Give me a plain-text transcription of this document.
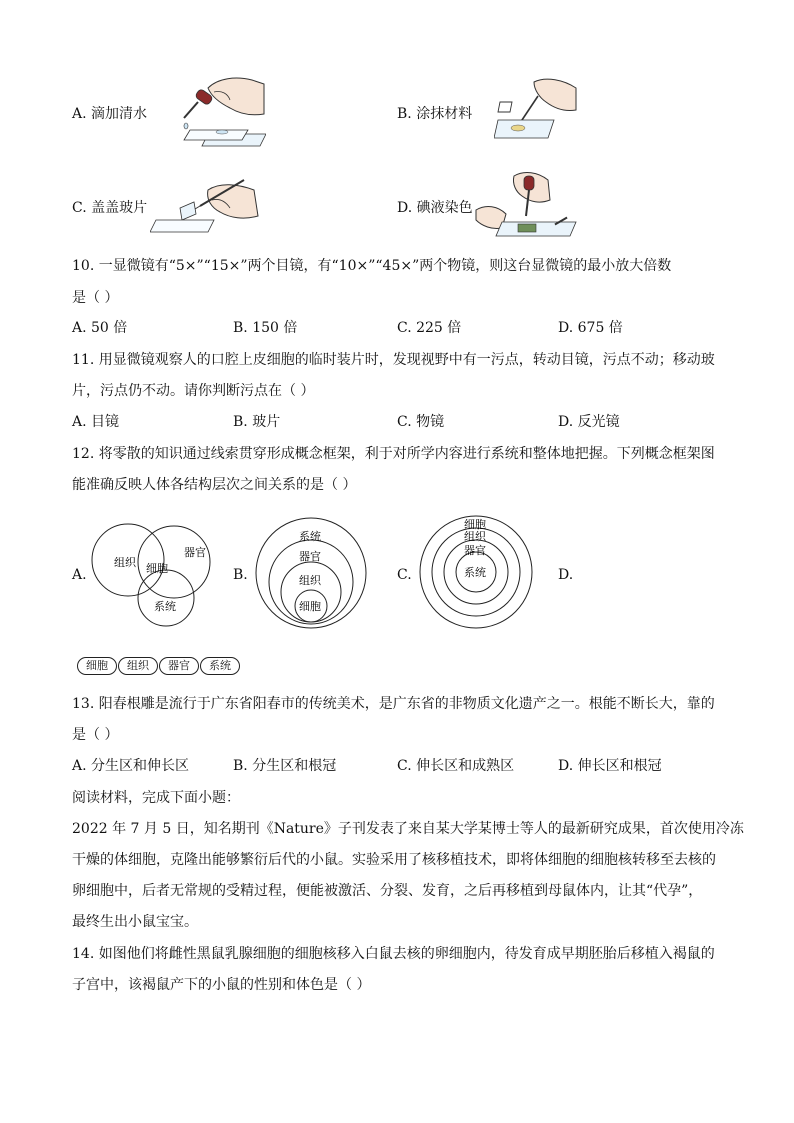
A. 滴加清水	B. 涂抹材料
C. 盖盖玻片	D. 碘液染色
10. 一显微镜有“5×”“15×”两个目镜，有“10×”“45×”两个物镜，则这台显微镜的最小放大倍数
是（ ）
A. 50 倍	B. 150 倍	C. 225 倍	D. 675 倍
11. 用显微镜观察人的口腔上皮细胞的临时装片时，发现视野中有一污点，转动目镜，污点不动；移动玻
片，污点仍不动。请你判断污点在（ ）
A. 目镜	B. 玻片	C. 物镜	D. 反光镜
12. 将零散的知识通过线索贯穿形成概念框架，利于对所学内容进行系统和整体地把握。下列概念框架图
能准确反映人体各结构层次之间关系的是（ ）
A.
组织
器官
细胞
系统
B.
系统
器官
组织
细胞
C.
细胞
组织
器官
系统	D.
细胞	组织	器官	系统
13. 阳春根雕是流行于广东省阳春市的传统美术，是广东省的非物质文化遗产之一。根能不断长大，靠的
是（ ）
A. 分生区和伸长区	B. 分生区和根冠	C. 伸长区和成熟区	D. 伸长区和根冠
阅读材料，完成下面小题：
2022 年 7 月 5 日，知名期刊《Nature》子刊发表了来自某大学某博士等人的最新研究成果，首次使用冷冻
干燥的体细胞，克隆出能够繁衍后代的小鼠。实验采用了核移植技术，即将体细胞的细胞核转移至去核的
卵细胞中，后者无常规的受精过程，便能被激活、分裂、发育，之后再移植到母鼠体内，让其“代孕”，
最终生出小鼠宝宝。
14. 如图他们将雌性黑鼠乳腺细胞的细胞核移入白鼠去核的卵细胞内，待发育成早期胚胎后移植入褐鼠的
子宫中，该褐鼠产下的小鼠的性别和体色是（ ）
